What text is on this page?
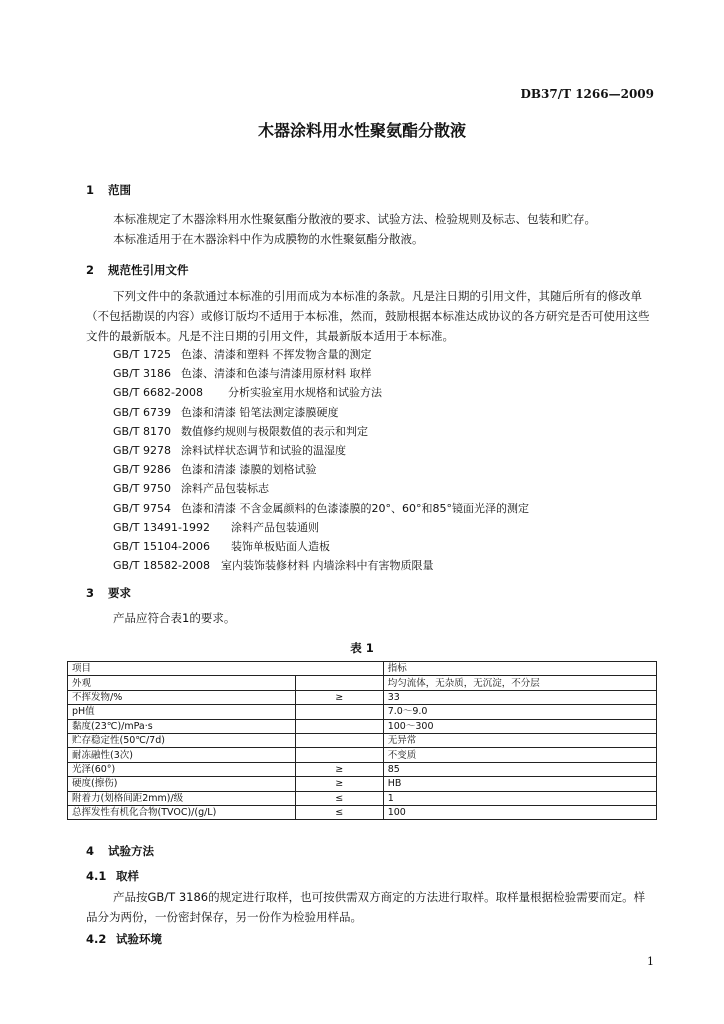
DB37/T 1266—2009
木器涂料用水性聚氨酯分散液
1 范围
本标准规定了木器涂料用水性聚氨酯分散液的要求、试验方法、检验规则及标志、包装和贮存。
本标准适用于在木器涂料中作为成膜物的水性聚氨酯分散液。
2 规范性引用文件
下列文件中的条款通过本标准的引用而成为本标准的条款。凡是注日期的引用文件，其随后所有的修改单（不包括勘误的内容）或修订版均不适用于本标准，然而，鼓励根据本标准达成协议的各方研究是否可使用这些文件的最新版本。凡是不注日期的引用文件，其最新版本适用于本标准。
GB/T 1725 色漆、清漆和塑料 不挥发物含量的测定
GB/T 3186 色漆、清漆和色漆与清漆用原材料 取样
GB/T 6682-2008 分析实验室用水规格和试验方法
GB/T 6739 色漆和清漆 铅笔法测定漆膜硬度
GB/T 8170 数值修约规则与极限数值的表示和判定
GB/T 9278 涂料试样状态调节和试验的温湿度
GB/T 9286 色漆和清漆 漆膜的划格试验
GB/T 9750 涂料产品包装标志
GB/T 9754 色漆和清漆 不含金属颜料的色漆漆膜的20°、60°和85°镜面光泽的测定
GB/T 13491-1992 涂料产品包装通则
GB/T 15104-2006 装饰单板贴面人造板
GB/T 18582-2008 室内装饰装修材料 内墙涂料中有害物质限量
3 要求
产品应符合表1的要求。
表 1
项目		指标
外观		均匀流体，无杂质，无沉淀，不分层
不挥发物/%	≥	33
pH值		7.0～9.0
黏度(23℃)/mPa·s		100～300
贮存稳定性(50℃/7d)		无异常
耐冻融性(3次)		不变质
光泽(60°)	≥	85
硬度(擦伤)	≥	HB
附着力(划格间距2mm)/级	≤	1
总挥发性有机化合物(TVOC)/(g/L)	≤	100
4 试验方法
4.1 取样
产品按GB/T 3186的规定进行取样，也可按供需双方商定的方法进行取样。取样量根据检验需要而定。样品分为两份，一份密封保存，另一份作为检验用样品。
4.2 试验环境
1
